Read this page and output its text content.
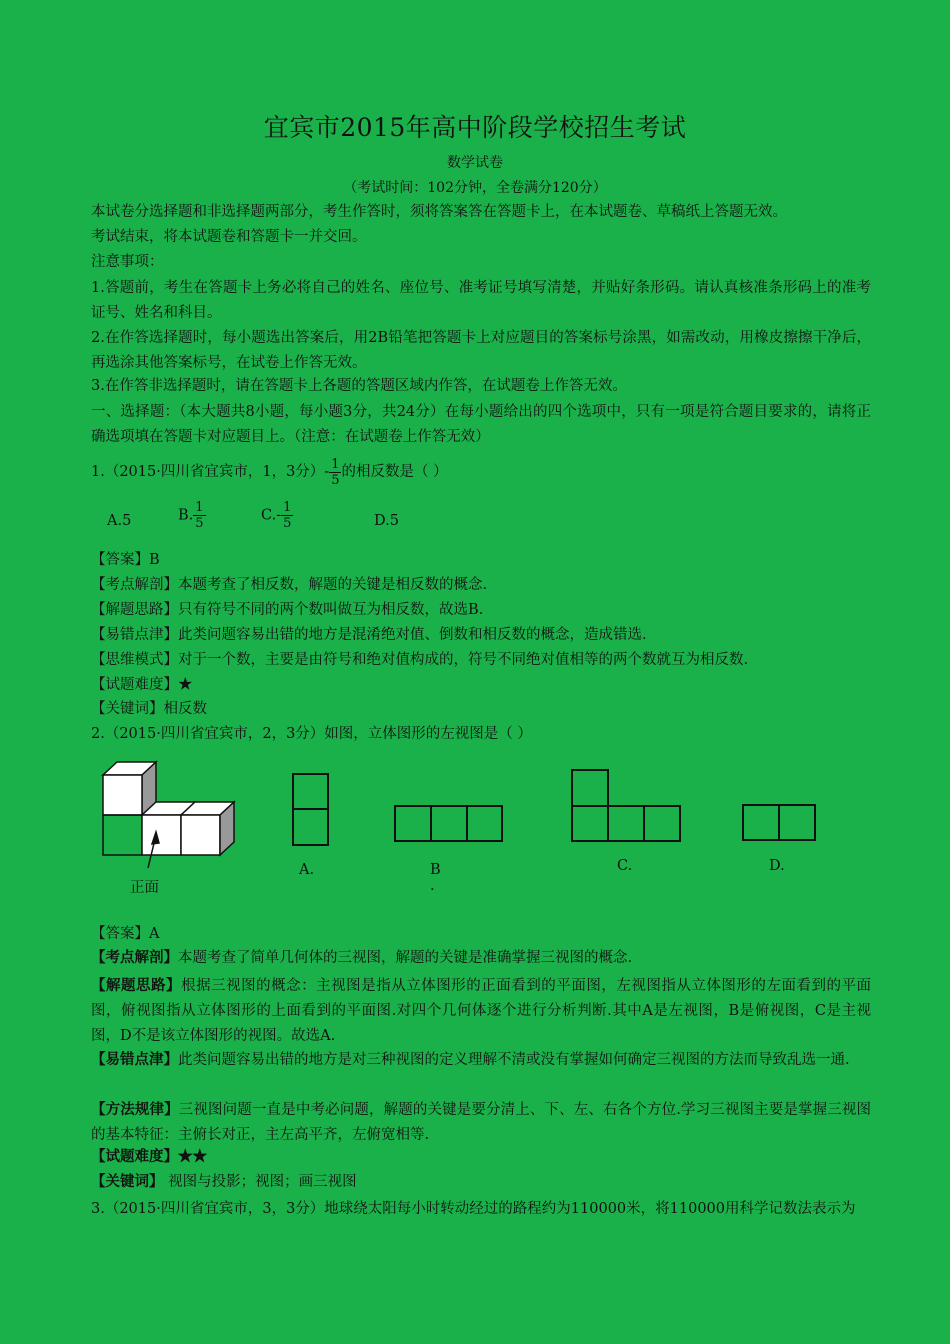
宜宾市2015年高中阶段学校招生考试
数学试卷
（考试时间：102分钟，全卷满分120分）
本试卷分选择题和非选择题两部分，考生作答时，须将答案答在答题卡上，在本试题卷、草稿纸上答题无效。
考试结束，将本试题卷和答题卡一并交回。
注意事项：
1.答题前，考生在答题卡上务必将自己的姓名、座位号、准考证号填写清楚，并贴好条形码。请认真核准条形码上的准考证号、姓名和科目。
2.在作答选择题时，每小题选出答案后，用2B铅笔把答题卡上对应题目的答案标号涂黑，如需改动，用橡皮擦擦干净后，再选涂其他答案标号，在试卷上作答无效。
3.在作答非选择题时，请在答题卡上各题的答题区域内作答，在试题卷上作答无效。
一、选择题：（本大题共8小题，每小题3分，共24分）在每小题给出的四个选项中，只有一项是符合题目要求的，请将正确选项填在答题卡对应题目上。（注意：在试题卷上作答无效）
1.（2015·四川省宜宾市，1，3分）- $\frac{1}{5}$ 的相反数是（ ）
A.5	B. $\frac{1}{5}$	$C.- \frac{1}{5}$	D.5
【答案】B
【考点解剖】本题考查了相反数，解题的关键是相反数的概念.
【解题思路】只有符号不同的两个数叫做互为相反数，故选B.
【易错点津】此类问题容易出错的地方是混淆绝对值、倒数和相反数的概念，造成错选.
【思维模式】对于一个数，主要是由符号和绝对值构成的，符号不同绝对值相等的两个数就互为相反数.
【试题难度】★
【关键词】相反数
2.（2015·四川省宜宾市，2，3分）如图，立体图形的左视图是（ ）
正面
A.	B
.
C.	D.
【答案】A
【考点解剖】本题考查了简单几何体的三视图，解题的关键是准确掌握三视图的概念.
【解题思路】根据三视图的概念：主视图是指从立体图形的正面看到的平面图，左视图指从立体图形的左面看到的平面图，俯视图指从立体图形的上面看到的平面图.对四个几何体逐个进行分析判断.其中A是左视图，B是俯视图，C是主视图，D不是该立体图形的视图。故选A.
【易错点津】此类问题容易出错的地方是对三种视图的定义理解不清或没有掌握如何确定三视图的方法而导致乱选一通.
【方法规律】三视图问题一直是中考必问题，解题的关键是要分清上、下、左、右各个方位.学习三视图主要是掌握三视图的基本特征：主俯长对正，主左高平齐，左俯宽相等.
【试题难度】★★
【关键词】 视图与投影；视图；画三视图
3.（2015·四川省宜宾市，3，3分）地球绕太阳每小时转动经过的路程约为110000米，将110000用科学记数法表示为
